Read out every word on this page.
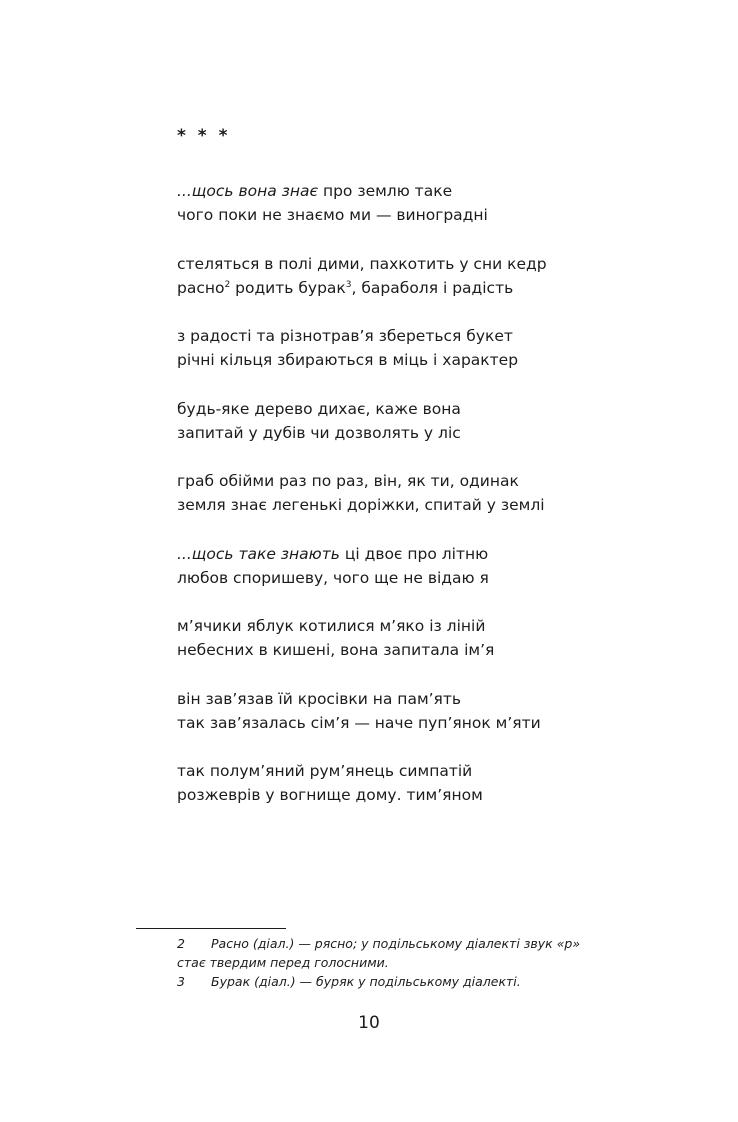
* * *
...щось вона знає про землю таке
чого поки не знаємо ми — виноградні
стеляться в полі дими, пахкотить у сни кедр
расно$^2$ родить бурак$^3$, бараболя і радість
з радості та різнотрав’я збереться букет
річні кільця збираються в міць і характер
будь-яке дерево дихає, каже вона
запитай у дубів чи дозволять у ліс
граб обійми раз по раз, він, як ти, одинак
земля знає легенькі доріжки, спитай у землі
...щось таке знають ці двоє про літню
любов споришеву, чого ще не відаю я
м’ячики яблук котилися м’яко із ліній
небесних в кишені, вона запитала ім’я
він зав’язав їй кросівки на пам’ять
так зав’язалась сім’я — наче пуп’янок м’яти
так полум’яний рум’янець симпатій
розжеврів у вогнище дому. тим’яном
2 Расно (діал.) — рясно; у подільському діалекті звук «р»
стає твердим перед голосними.
3 Бурак (діал.) — буряк у подільському діалекті.
10
